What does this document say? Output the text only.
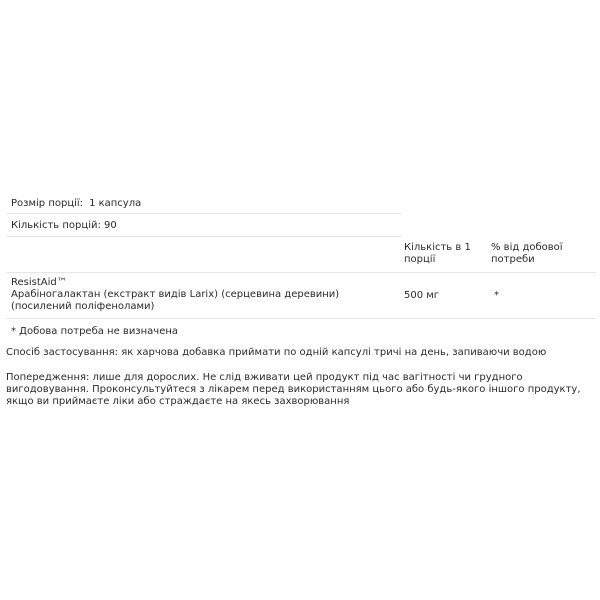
Розмір порції: 1 капсула
Кількість порцій: 90
Кількість в 1 порції
% від добової потреби
ResistAid™
Арабіногалактан (екстракт видів Larix) (серцевина деревини) (посилений поліфенолами)
500 мг	*
* Добова потреба не визначена
Спосіб застосування: як харчова добавка приймати по одній капсулі тричі на день, запиваючи водою
Попередження: лише для дорослих. Не слід вживати цей продукт під час вагітності чи грудного вигодовування. Проконсультуйтеся з лікарем перед використанням цього або будь-якого іншого продукту, якщо ви приймаєте ліки або страждаєте на якесь захворювання
